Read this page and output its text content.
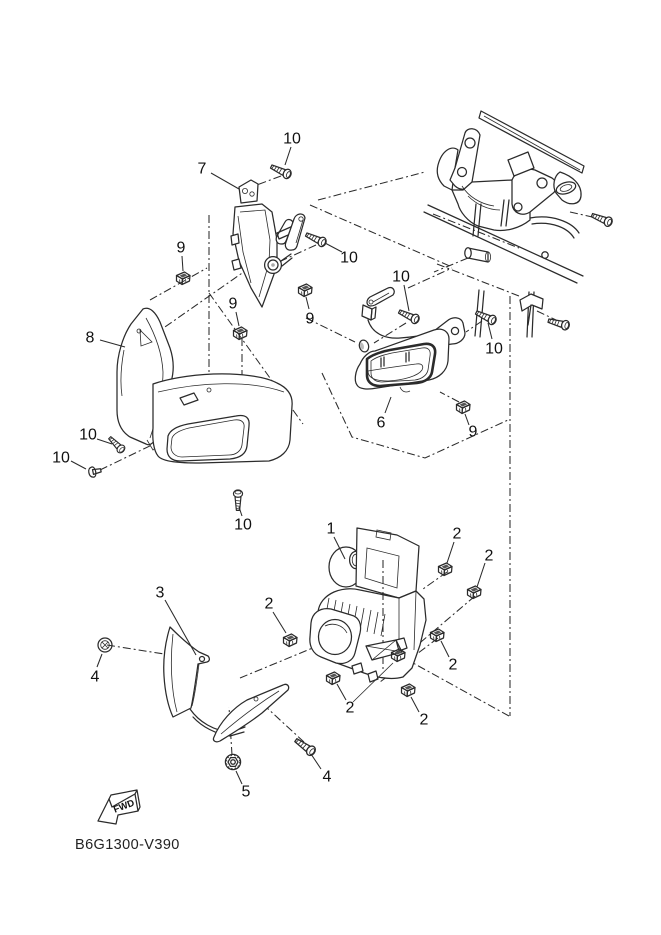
FWD
B6G1300-V390
10
7
9
10
9
9
10
8
10
6
9
10
10
10	1	2
2
3
2
2
4
2
2
4
5
